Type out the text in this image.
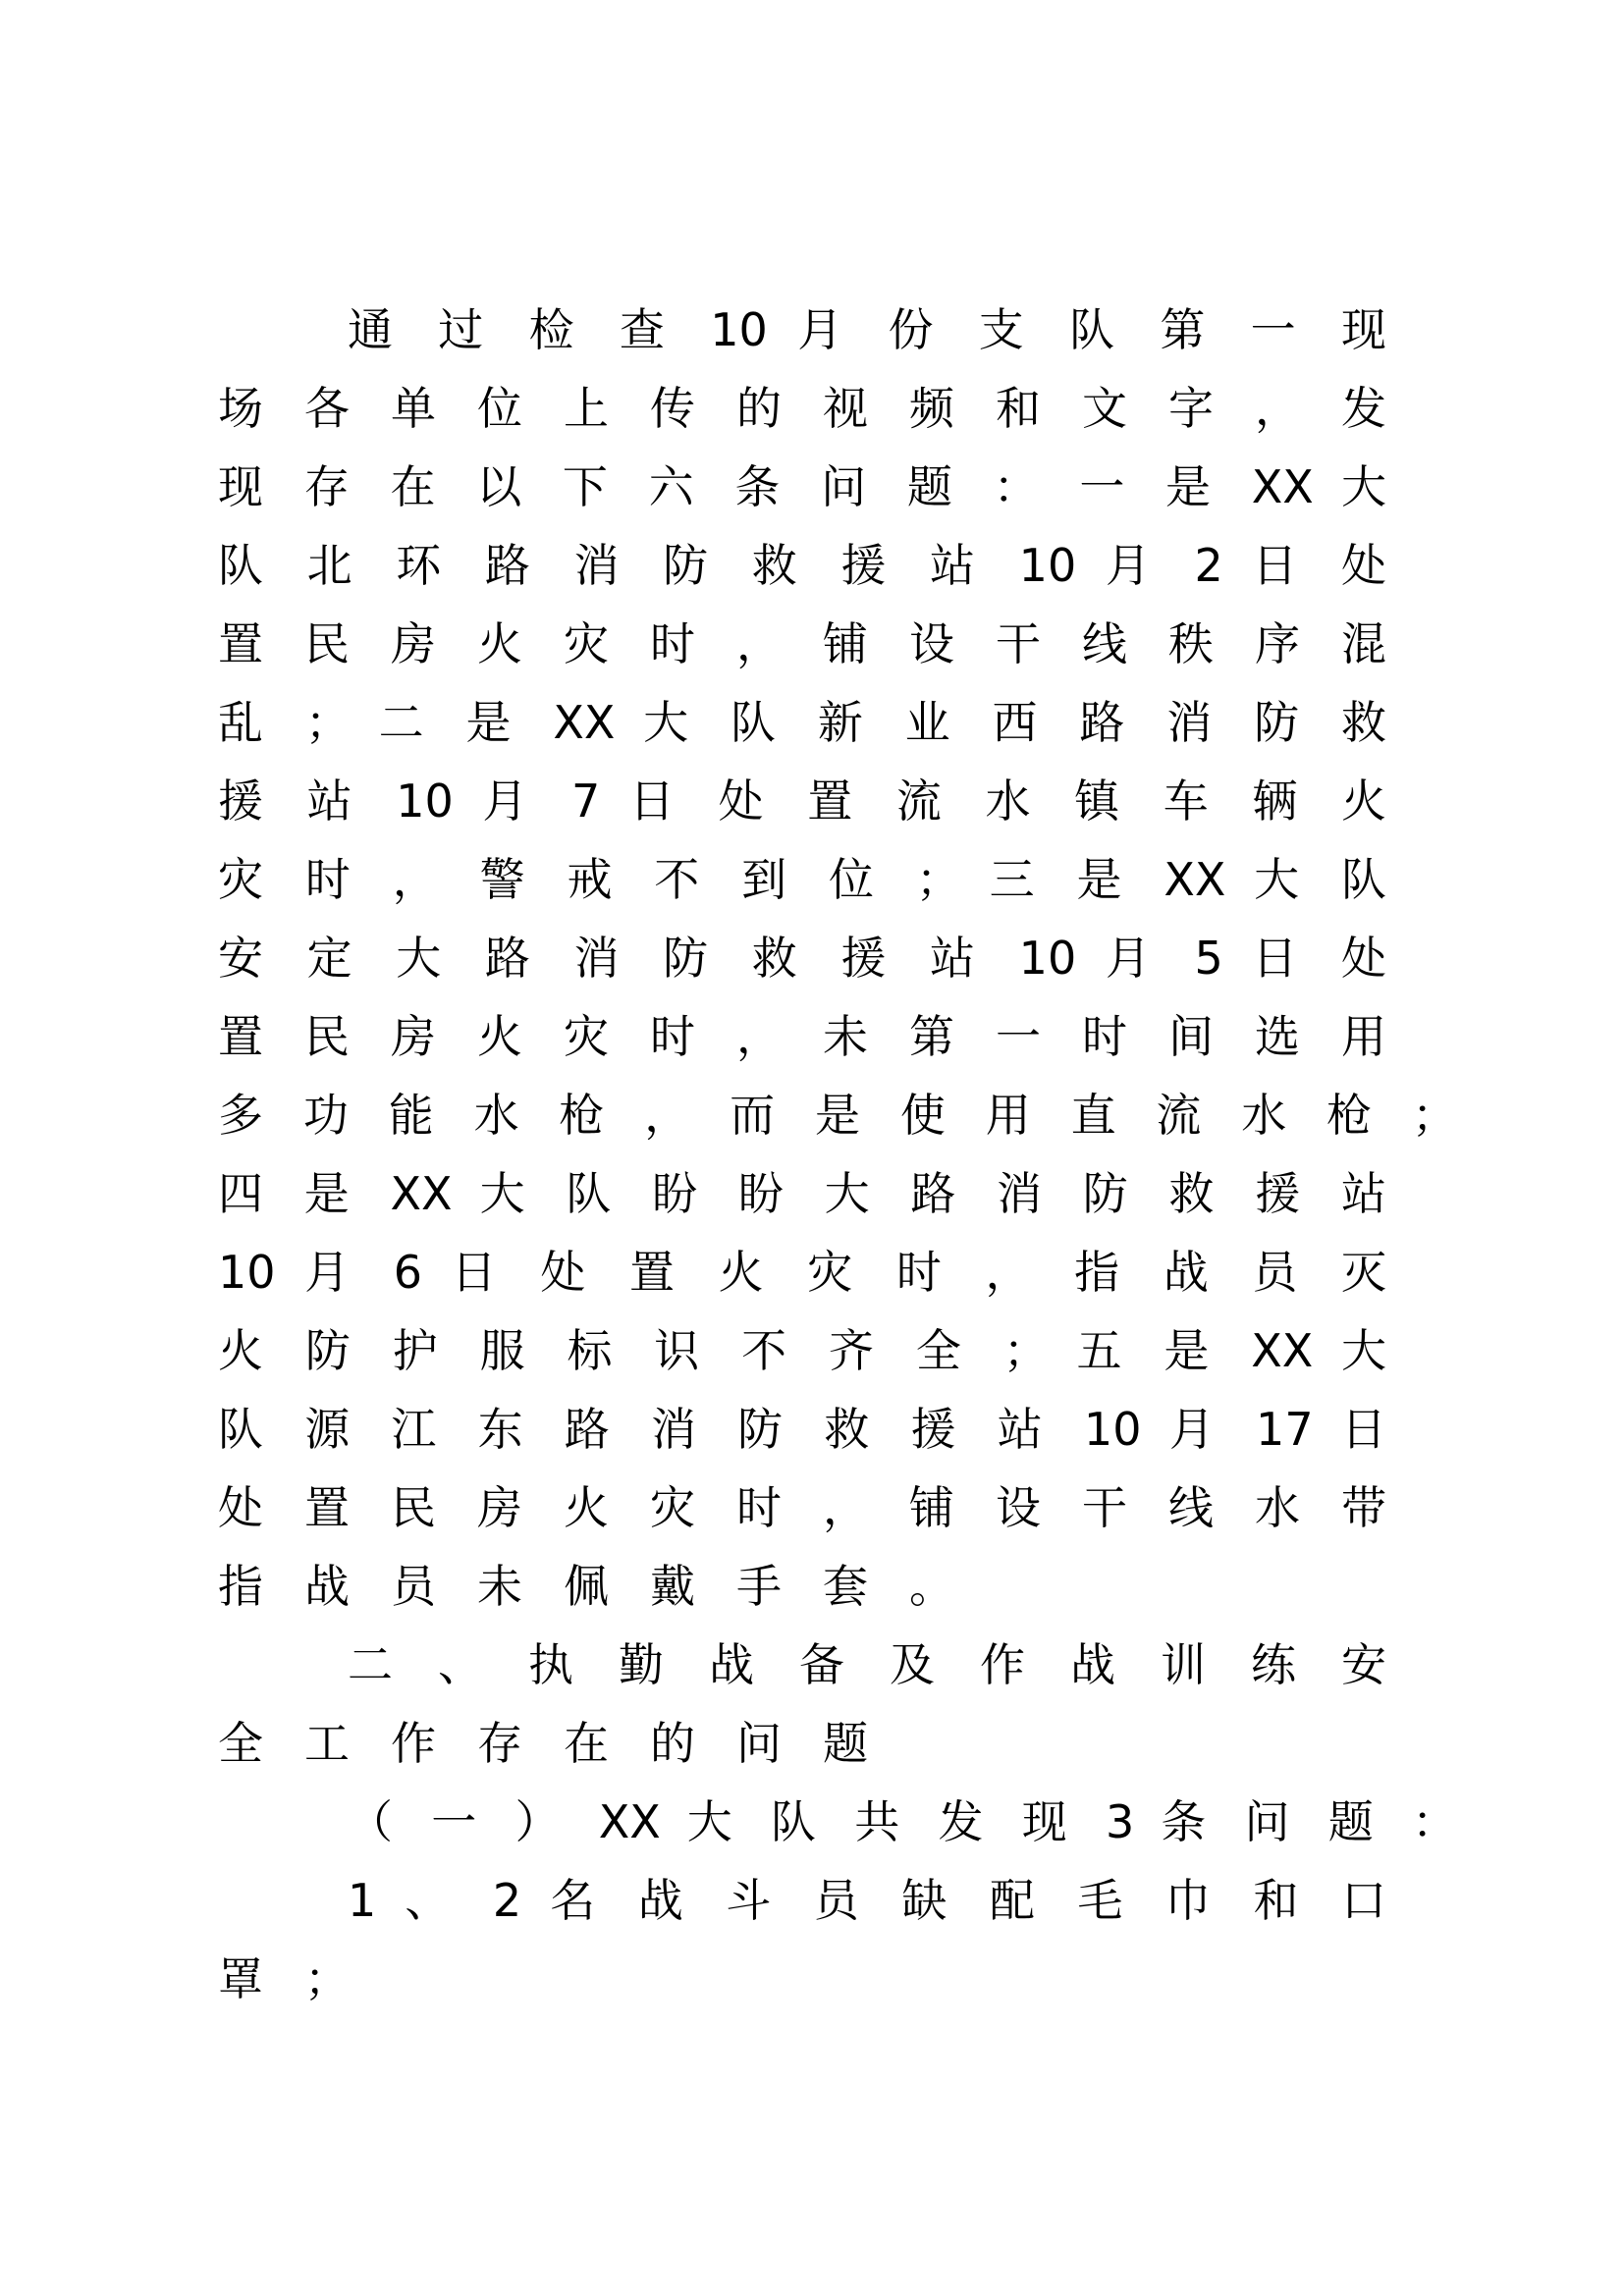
通 过 检 查 10 月 份 支 队 第 一 现
场 各 单 位 上 传 的 视 频 和 文 字 ， 发
现 存 在 以 下 六 条 问 题 ： 一 是 XX 大
队 北 环 路 消 防 救 援 站 10 月 2 日 处
置 民 房 火 灾 时 ， 铺 设 干 线 秩 序 混
乱 ； 二 是 XX 大 队 新 业 西 路 消 防 救
援 站 10 月 7 日 处 置 流 水 镇 车 辆 火
灾 时 ， 警 戒 不 到 位 ； 三 是 XX 大 队
安 定 大 路 消 防 救 援 站 10 月 5 日 处
置 民 房 火 灾 时 ， 未 第 一 时 间 选 用
多 功 能 水 枪 ， 而 是 使 用 直 流 水 枪 ；
四 是 XX 大 队 盼 盼 大 路 消 防 救 援 站
10 月 6 日 处 置 火 灾 时 ， 指 战 员 灭
火 防 护 服 标 识 不 齐 全 ； 五 是 XX 大
队 源 江 东 路 消 防 救 援 站 10 月 17 日
处 置 民 房 火 灾 时 ， 铺 设 干 线 水 带
指战员未佩戴手套。
二 、 执 勤 战 备 及 作 战 训 练 安
全工作存在的问题
（ 一 ） XX 大 队 共 发 现 3 条 问 题 ：
1 、 2 名 战 斗 员 缺 配 毛 巾 和 口
罩；
